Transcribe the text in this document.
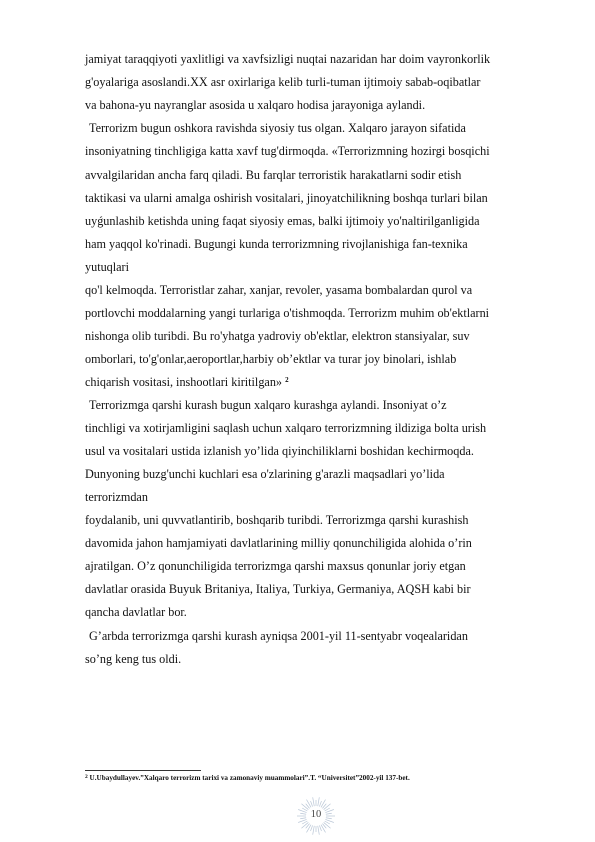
jamiyat taraqqiyoti yaxlitligi va xavfsizligi nuqtai nazaridan har doim vayronkorlik
g'oyalariga asoslandi.XX asr oxirlariga kelib turli-tuman ijtimoiy sabab-oqibatlar
va bahona-yu nayranglar asosida u xalqaro hodisa jarayoniga aylandi.
Terrorizm bugun oshkora ravishda siyosiy tus olgan. Xalqaro jarayon sifatida
insoniyatning tinchligiga katta xavf tug'dirmoqda. «Terrorizmning hozirgi bosqichi
avvalgilaridan ancha farq qiladi. Bu farqlar terroristik harakatlarni sodir etish
taktikasi va ularni amalga oshirish vositalari, jinoyatchilikning boshqa turlari bilan
uyǵunlashib ketishda uning faqat siyosiy emas, balki ijtimoiy yo'naltirilganligida
ham yaqqol ko'rinadi. Bugungi kunda terrorizmning rivojlanishiga fan-texnika
yutuqlari
qo'l kelmoqda. Terroristlar zahar, xanjar, revoler, yasama bombalardan qurol va
portlovchi moddalarning yangi turlariga o'tishmoqda. Terrorizm muhim ob'ektlarni
nishonga olib turibdi. Bu ro'yhatga yadroviy ob'ektlar, elektron stansiyalar, suv
omborlari, to'g'onlar,aeroportlar,harbiy ob’ektlar va turar joy binolari, ishlab
chiqarish vositasi, inshootlari kiritilgan» $^2$
Terrorizmga qarshi kurash bugun xalqaro kurashga aylandi. Insoniyat o’z
tinchligi va xotirjamligini saqlash uchun xalqaro terrorizmning ildiziga bolta urish
usul va vositalari ustida izlanish yo’lida qiyinchiliklarni boshidan kechirmoqda.
Dunyoning buzg'unchi kuchlari esa o'zlarining g'arazli maqsadlari yo’lida
terrorizmdan
foydalanib, uni quvvatlantirib, boshqarib turibdi. Terrorizmga qarshi kurashish
davomida jahon hamjamiyati davlatlarining milliy qonunchiligida alohida o’rin
ajratilgan. O’z qonunchiligida terrorizmga qarshi maxsus qonunlar joriy etgan
davlatlar orasida Buyuk Britaniya, Italiya, Turkiya, Germaniya, AQSH kabi bir
qancha davlatlar bor.
G’arbda terrorizmga qarshi kurash ayniqsa 2001-yil 11-sentyabr voqealaridan
so’ng keng tus oldi.
$^2$ U.Ubaydullayev.”Xalqaro terrorizm tarixi va zamonaviy muammolari”.T. “Universitet”2002-yil 137-bet.
10
